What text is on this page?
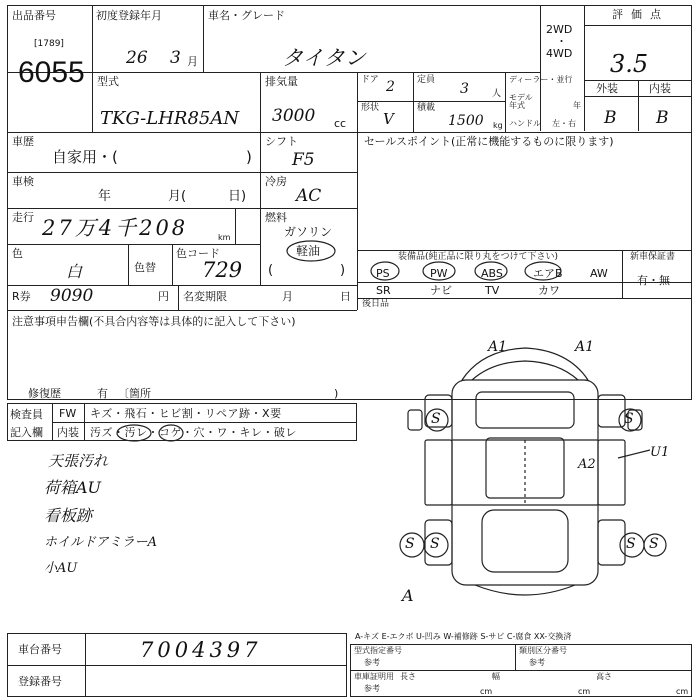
出品番号
[1789]
6055
初度登録年月
26 3 月
車名・グレード
タイタン
2WD
・
4WD
評価点
3.5
外装	内装
B B
型式
TKG-LHR85AN
排気量
3000 cc
ドア 2 定員
3	人
形状
V
積載
1500 kg
ディーラー・並行
モデル年式	年
ハンドル 左・右
車歴
自家用・(	)
車検
年	月(	日)
走行 27万4千208	km
色
白	色替
色コード
729
シフト
F5
冷房
AC
燃料
ガソリン
(
軽油
)
セールスポイント(正常に機能するものに限ります)
装備品(純正品に限り丸をつけて下さい)	新車保証書
有・無
PS	PW	ABS	エアB AW
SR	ナビ	TV	カワ
後日品
R券 9090	円 名変期限	月	日
注意事項申告欄(不具合内容等は具体的に記入して下さい)
修復歴	有 〔箇所	)
検査員
記入欄
FW キズ・飛石・ヒビ割・リペア跡・X要
内装 汚ズ・汚レ・コゲ・穴・ワ・キレ・破レ
天張汚れ
荷箱AU
看板跡
ホイルドアミラーA
小AU
A1	A1
S	S
A2
U1
S S	S S
A
車台番号	7004397
登録番号
A-キズ E-エクボ U-凹み W-補修跡 S-サビ C-腐食 XX-交換済
型式指定番号
参考
類別区分番号
参考
車庫証明用
参考
長さ
cm
幅
cm
高さ
cm
